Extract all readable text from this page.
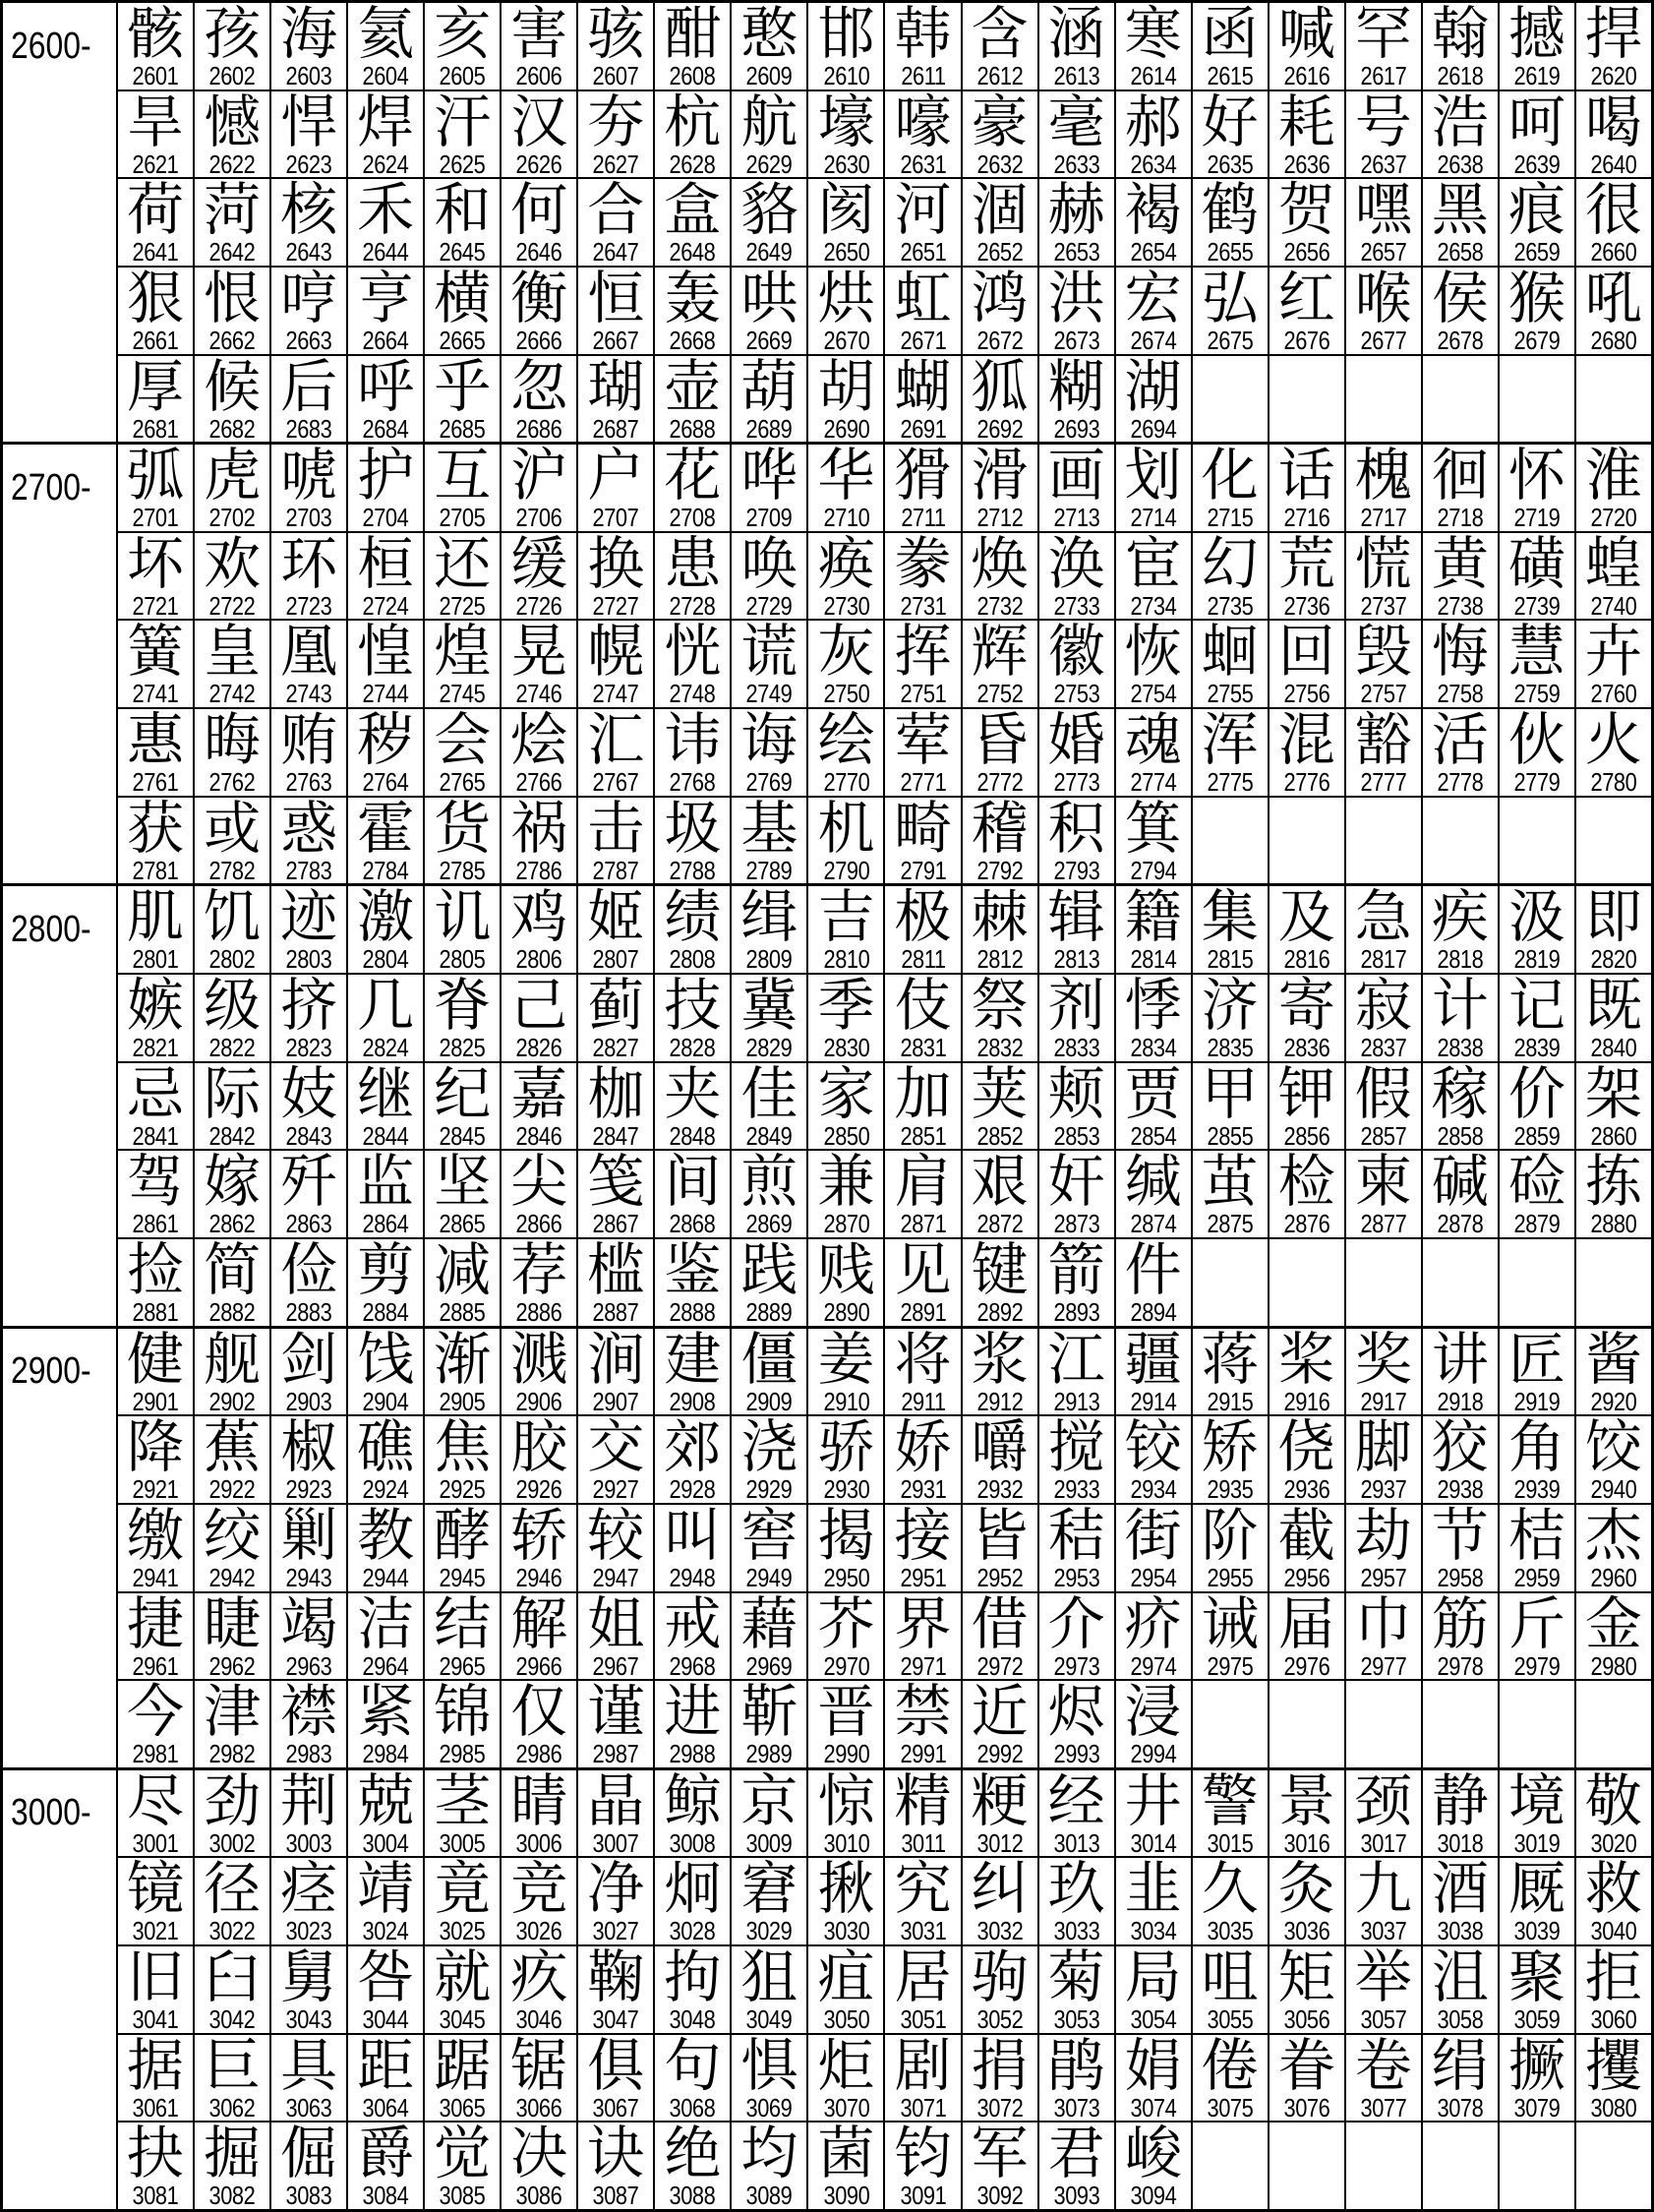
2600- 骸
2601
孩
2602
海
2603
氦
2604
亥
2605
害
2606
骇
2607
酣
2608
憨
2609
邯
2610
韩
2611
含
2612
涵
2613
寒
2614
函
2615
喊
2616
罕
2617
翰
2618
撼
2619
捍
2620
旱
2621
憾
2622
悍
2623
焊
2624
汗
2625
汉
2626
夯
2627
杭
2628
航
2629
壕
2630
嚎
2631
豪
2632
毫
2633
郝
2634
好
2635
耗
2636
号
2637
浩
2638
呵
2639
喝
2640
荷
2641
菏
2642
核
2643
禾
2644
和
2645
何
2646
合
2647
盒
2648
貉
2649
阂
2650
河
2651
涸
2652
赫
2653
褐
2654
鹤
2655
贺
2656
嘿
2657
黑
2658
痕
2659
很
2660
狠
2661
恨
2662
哼
2663
亨
2664
横
2665
衡
2666
恒
2667
轰
2668
哄
2669
烘
2670
虹
2671
鸿
2672
洪
2673
宏
2674
弘
2675
红
2676
喉
2677
侯
2678
猴
2679
吼
2680
厚
2681
候
2682
后
2683
呼
2684
乎
2685
忽
2686
瑚
2687
壶
2688
葫
2689
胡
2690
蝴
2691
狐
2692
糊
2693
湖
2694
2700- 弧
2701
虎
2702
唬
2703
护
2704
互
2705
沪
2706
户
2707
花
2708
哗
2709
华
2710
猾
2711
滑
2712
画
2713
划
2714
化
2715
话
2716
槐
2717
徊
2718
怀
2719
淮
2720
坏
2721
欢
2722
环
2723
桓
2724
还
2725
缓
2726
换
2727
患
2728
唤
2729
痪
2730
豢
2731
焕
2732
涣
2733
宦
2734
幻
2735
荒
2736
慌
2737
黄
2738
磺
2739
蝗
2740
簧
2741
皇
2742
凰
2743
惶
2744
煌
2745
晃
2746
幌
2747
恍
2748
谎
2749
灰
2750
挥
2751
辉
2752
徽
2753
恢
2754
蛔
2755
回
2756
毁
2757
悔
2758
慧
2759
卉
2760
惠
2761
晦
2762
贿
2763
秽
2764
会
2765
烩
2766
汇
2767
讳
2768
诲
2769
绘
2770
荤
2771
昏
2772
婚
2773
魂
2774
浑
2775
混
2776
豁
2777
活
2778
伙
2779
火
2780
获
2781
或
2782
惑
2783
霍
2784
货
2785
祸
2786
击
2787
圾
2788
基
2789
机
2790
畸
2791
稽
2792
积
2793
箕
2794
2800- 肌
2801
饥
2802
迹
2803
激
2804
讥
2805
鸡
2806
姬
2807
绩
2808
缉
2809
吉
2810
极
2811
棘
2812
辑
2813
籍
2814
集
2815
及
2816
急
2817
疾
2818
汲
2819
即
2820
嫉
2821
级
2822
挤
2823
几
2824
脊
2825
己
2826
蓟
2827
技
2828
冀
2829
季
2830
伎
2831
祭
2832
剂
2833
悸
2834
济
2835
寄
2836
寂
2837
计
2838
记
2839
既
2840
忌
2841
际
2842
妓
2843
继
2844
纪
2845
嘉
2846
枷
2847
夹
2848
佳
2849
家
2850
加
2851
荚
2852
颊
2853
贾
2854
甲
2855
钾
2856
假
2857
稼
2858
价
2859
架
2860
驾
2861
嫁
2862
歼
2863
监
2864
坚
2865
尖
2866
笺
2867
间
2868
煎
2869
兼
2870
肩
2871
艰
2872
奸
2873
缄
2874
茧
2875
检
2876
柬
2877
碱
2878
硷
2879
拣
2880
捡
2881
简
2882
俭
2883
剪
2884
减
2885
荐
2886
槛
2887
鉴
2888
践
2889
贱
2890
见
2891
键
2892
箭
2893
件
2894
2900- 健
2901
舰
2902
剑
2903
饯
2904
渐
2905
溅
2906
涧
2907
建
2908
僵
2909
姜
2910
将
2911
浆
2912
江
2913
疆
2914
蒋
2915
桨
2916
奖
2917
讲
2918
匠
2919
酱
2920
降
2921
蕉
2922
椒
2923
礁
2924
焦
2925
胶
2926
交
2927
郊
2928
浇
2929
骄
2930
娇
2931
嚼
2932
搅
2933
铰
2934
矫
2935
侥
2936
脚
2937
狡
2938
角
2939
饺
2940
缴
2941
绞
2942
剿
2943
教
2944
酵
2945
轿
2946
较
2947
叫
2948
窖
2949
揭
2950
接
2951
皆
2952
秸
2953
街
2954
阶
2955
截
2956
劫
2957
节
2958
桔
2959
杰
2960
捷
2961
睫
2962
竭
2963
洁
2964
结
2965
解
2966
姐
2967
戒
2968
藉
2969
芥
2970
界
2971
借
2972
介
2973
疥
2974
诫
2975
届
2976
巾
2977
筋
2978
斤
2979
金
2980
今
2981
津
2982
襟
2983
紧
2984
锦
2985
仅
2986
谨
2987
进
2988
靳
2989
晋
2990
禁
2991
近
2992
烬
2993
浸
2994
3000- 尽
3001
劲
3002
荆
3003
兢
3004
茎
3005
睛
3006
晶
3007
鲸
3008
京
3009
惊
3010
精
3011
粳
3012
经
3013
井
3014
警
3015
景
3016
颈
3017
静
3018
境
3019
敬
3020
镜
3021
径
3022
痉
3023
靖
3024
竟
3025
竞
3026
净
3027
炯
3028
窘
3029
揪
3030
究
3031
纠
3032
玖
3033
韭
3034
久
3035
灸
3036
九
3037
酒
3038
厩
3039
救
3040
旧
3041
臼
3042
舅
3043
咎
3044
就
3045
疚
3046
鞠
3047
拘
3048
狙
3049
疽
3050
居
3051
驹
3052
菊
3053
局
3054
咀
3055
矩
3056
举
3057
沮
3058
聚
3059
拒
3060
据
3061
巨
3062
具
3063
距
3064
踞
3065
锯
3066
俱
3067
句
3068
惧
3069
炬
3070
剧
3071
捐
3072
鹃
3073
娟
3074
倦
3075
眷
3076
卷
3077
绢
3078
撅
3079
攫
3080
抉
3081
掘
3082
倔
3083
爵
3084
觉
3085
决
3086
诀
3087
绝
3088
均
3089
菌
3090
钧
3091
军
3092
君
3093
峻
3094
